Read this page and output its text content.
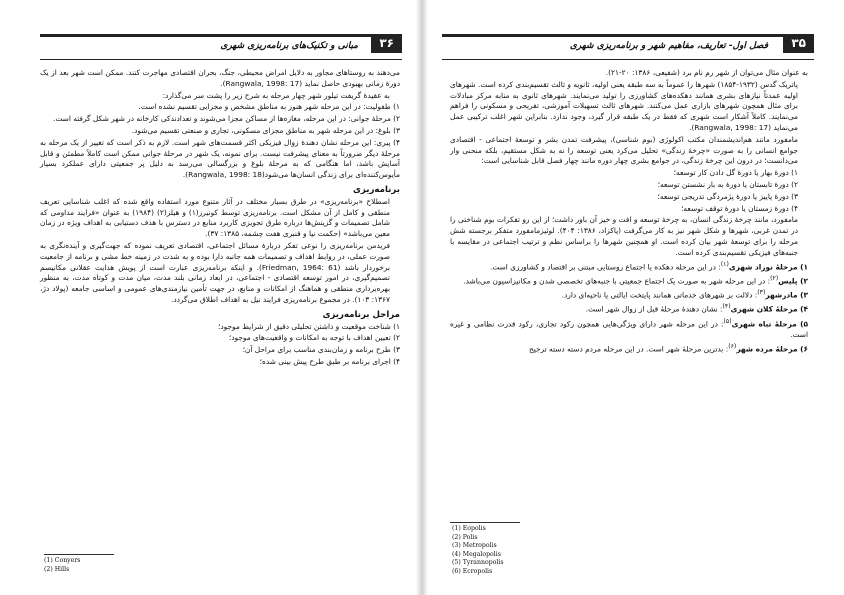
مبانی و تکنیک‌های برنامه‌ریزی شهری	۳۶

می‌دهند به روستاهای مجاور به دلایل امراض محیطی، جنگ، بحران اقتصادی مهاجرت کنند. ممکن است شهر بعد از یک دورهٔ زمانی بهبودی حاصل نماید (Rangwala, 1998: 17).

به عقیدهٔ گریفت تیلور شهر چهار مرحله به شرح زیر را پشت سر می‌گذارد:

۱) طفولیت: در این مرحله شهر هنوز به مناطق مشخص و مجزایی تقسیم نشده است.

۲) مرحلهٔ جوانی: در این مرحله، مغازه‌ها از مساکن مجزا می‌شوند و تعدادندکی کارخانه در شهر شکل گرفته است.

۳) بلوغ: در این مرحله شهر به مناطق مجزای مسکونی، تجاری و صنعتی تقسیم می‌شود.

۴) پیری: این مرحله نشان دهندهٔ زوال فیزیکی اکثر قسمت‌های شهر است. لازم به ذکر است که تغییر از یک مرحله به مرحلهٔ دیگر ضرورتاً به معنای پیشرفت نیست. برای نمونه، یک شهر در مرحلهٔ جوانی ممکن است کاملاً مطمئن و قابل آسایش باشد، اما هنگامی که به مرحلهٔ بلوغ و بزرگسالی می‌رسد به دلیل پر جمعیتی دارای عملکرد بسیار مأیوس‌کننده‌ای برای زندگی انسان‌ها می‌شود(Rangwala, 1998: 18).

برنامه‌ریزی

اصطلاح «برنامه‌ریزی» در طرق بسیار مختلف در آثار متنوع مورد استفاده واقع شده که اغلب شناسایی تعریف منطقی و کامل از آن مشکل است. برنامه‌ریزی توسط کونیرز(۱) و هیلز(۲) (۱۹۸۴) به عنوان «فرایند مداومی که شامل تصمیمات و گزینش‌ها درباره طرق تجویزی کاربرد منابع در دسترس با هدف دستیابی به اهداف ویژه در زمان معین می‌باشد» (حکمت نیا و قنبری هفت چشمه، ۱۳۸۵: ۳۷).

فریدمن برنامه‌ریزی را نوعی تفکر دربارهٔ مسائل اجتماعی، اقتصادی تعریف نموده که جهت‌گیری و آینده‌نگری به صورت عملی، در روابط اهداف و تصمیمات همه جانبه دارا بوده و به شدت در زمینه خط مشی و برنامه از جامعیت برخوردار باشد (Friedman, 1964: 61). و اینکه برنامه‌ریزی عبارت است از پویش هدایت عقلانی مکانیسم تصمیم‌گیری، در امور توسعه اقتصادی - اجتماعی، در ابعاد زمانی بلند مدت، میان مدت و کوتاه مدت، به منظور بهره‌برداری منطقی و هماهنگ از امکانات و منابع، در جهت تأمین نیازمندی‌های عمومی و اساسی جامعه (پولاد دژ، ۱۳۶۷: ۱۰۳). در مجموع برنامه‌ریزی فرایند نیل به اهداف اطلاق می‌گردد.

مراحل برنامه‌ریزی

۱) شناخت موقعیت و داشتن تحلیلی دقیق از شرایط موجود؛

۲) تعیین اهداف با توجه به امکانات و واقعیت‌های موجود؛

۳) طرح برنامه و زمان‌بندی مناسب برای مراحل آن؛

۴) اجرای برنامه بر طبق طرح پیش بینی شده؛

(1) Conyers
(2) Hills
فصل اول- تعاریف، مفاهیم شهر و برنامه‌ریزی شهری	۳۵

به عنوان مثال می‌توان از شهر رم نام برد (شفیعی، ۱۳۸۶: ۲۰-۲۱).

پاتریک گدس (۱۹۳۲-۱۸۵۴) شهرها را عموماً به سه طبقه یعنی اولیه، ثانویه و ثالث تقسیم‌بندی کرده است. شهرهای اولیه عمدتاً نیازهای بشری همانند دهکده‌های کشاورزی را تولید می‌نمایند. شهرهای ثانوی به منابه مرکز مبادلات برای مثال همچون شهرهای بازاری عمل می‌کنند. شهرهای ثالث تسهیلات آموزشی، تفریحی و مسکونی را فراهم می‌نمایند. کاملاً آشکار است شهری که فقط در یک طبقه قرار گیرد، وجود ندارد. بنابراین شهر اغلب ترکیبی عمل می‌نماید (Rangwala, 1998: 17).

مامفورد مانند هم‌اندیشمندان مکتب اکولوژی (بوم شناسی)، پیشرفت تمدن بشر و توسعهٔ اجتماعی - اقتصادی جوامع انسانی را به صورت «چرخهٔ زندگی» تحلیل می‌کرد یعنی توسعه را نه به شکل مستقیم، بلکه منحنی وار می‌دانست؛ در درون این چرخهٔ زندگی، در جوامع بشری چهار دوره مانند چهار فصل قابل شناسایی است:

۱) دورهٔ بهار یا دورهٔ گل دادن کار توسعه؛

۲) دورهٔ تابستان یا دورهٔ به بار نشستن توسعه؛

۳) دورهٔ پاییز یا دورهٔ پژمردگی تدریجی توسعه؛

۴) دورهٔ زمستان یا دورهٔ توقف توسعه؛

مامفورد، مانند چرخهٔ زندگی انسان، به چرخهٔ توسعه و افت و خیز آن باور داشت؛ از این رو تفکرات بوم شناختی را در تمدن غربی، شهرها و شکل شهر نیز به کار می‌گرفت (پاکزاد، ۱۳۸۶: ۴۰۴). لوئیزمامفورد متفکر برجسته شش مرحله را برای توسعهٔ شهر بیان کرده است. او همچنین شهرها را براساس نظم و ترتیب اجتماعی در مقایسه با جنبه‌های فیزیکی تقسیم‌بندی کرده است.

۱) مرحلهٔ نوزاد شهری$^{(۱)}$: در این مرحله دهکده یا اجتماع روستایی مبتنی بر اقتصاد و کشاورزی است.

۲) پلیس$^{(۲)}$: در این مرحله شهر به صورت یک اجتماع جمعیتی با جنبه‌های تخصصی شدن و مکانیزاسیون می‌باشد.

۳) مادرشهر$^{(۳)}$: دلالت بر شهرهای خدماتی همانند پایتخت ایالتی یا ناحیه‌ای دارد.

۴) مرحلهٔ کلان شهری$^{(۴)}$: نشان دهندهٔ مرحلهٔ قبل از زوال شهر است.

۵) مرحلهٔ تباه شهری$^{(۵)}$: در این مرحله شهر دارای ویژگی‌هایی همچون رکود تجاری، رکود قدرت نظامی و غیره است.

۶) مرحلهٔ مرده شهر$^{(۶)}$: بدترین مرحلهٔ شهر است. در این مرحله مردم دسته دسته ترجیح

(1) Eopolis
(2) Polis
(3) Metropolis
(4) Megalopolis
(5) Tyrannopolis
(6) Ecropolis
